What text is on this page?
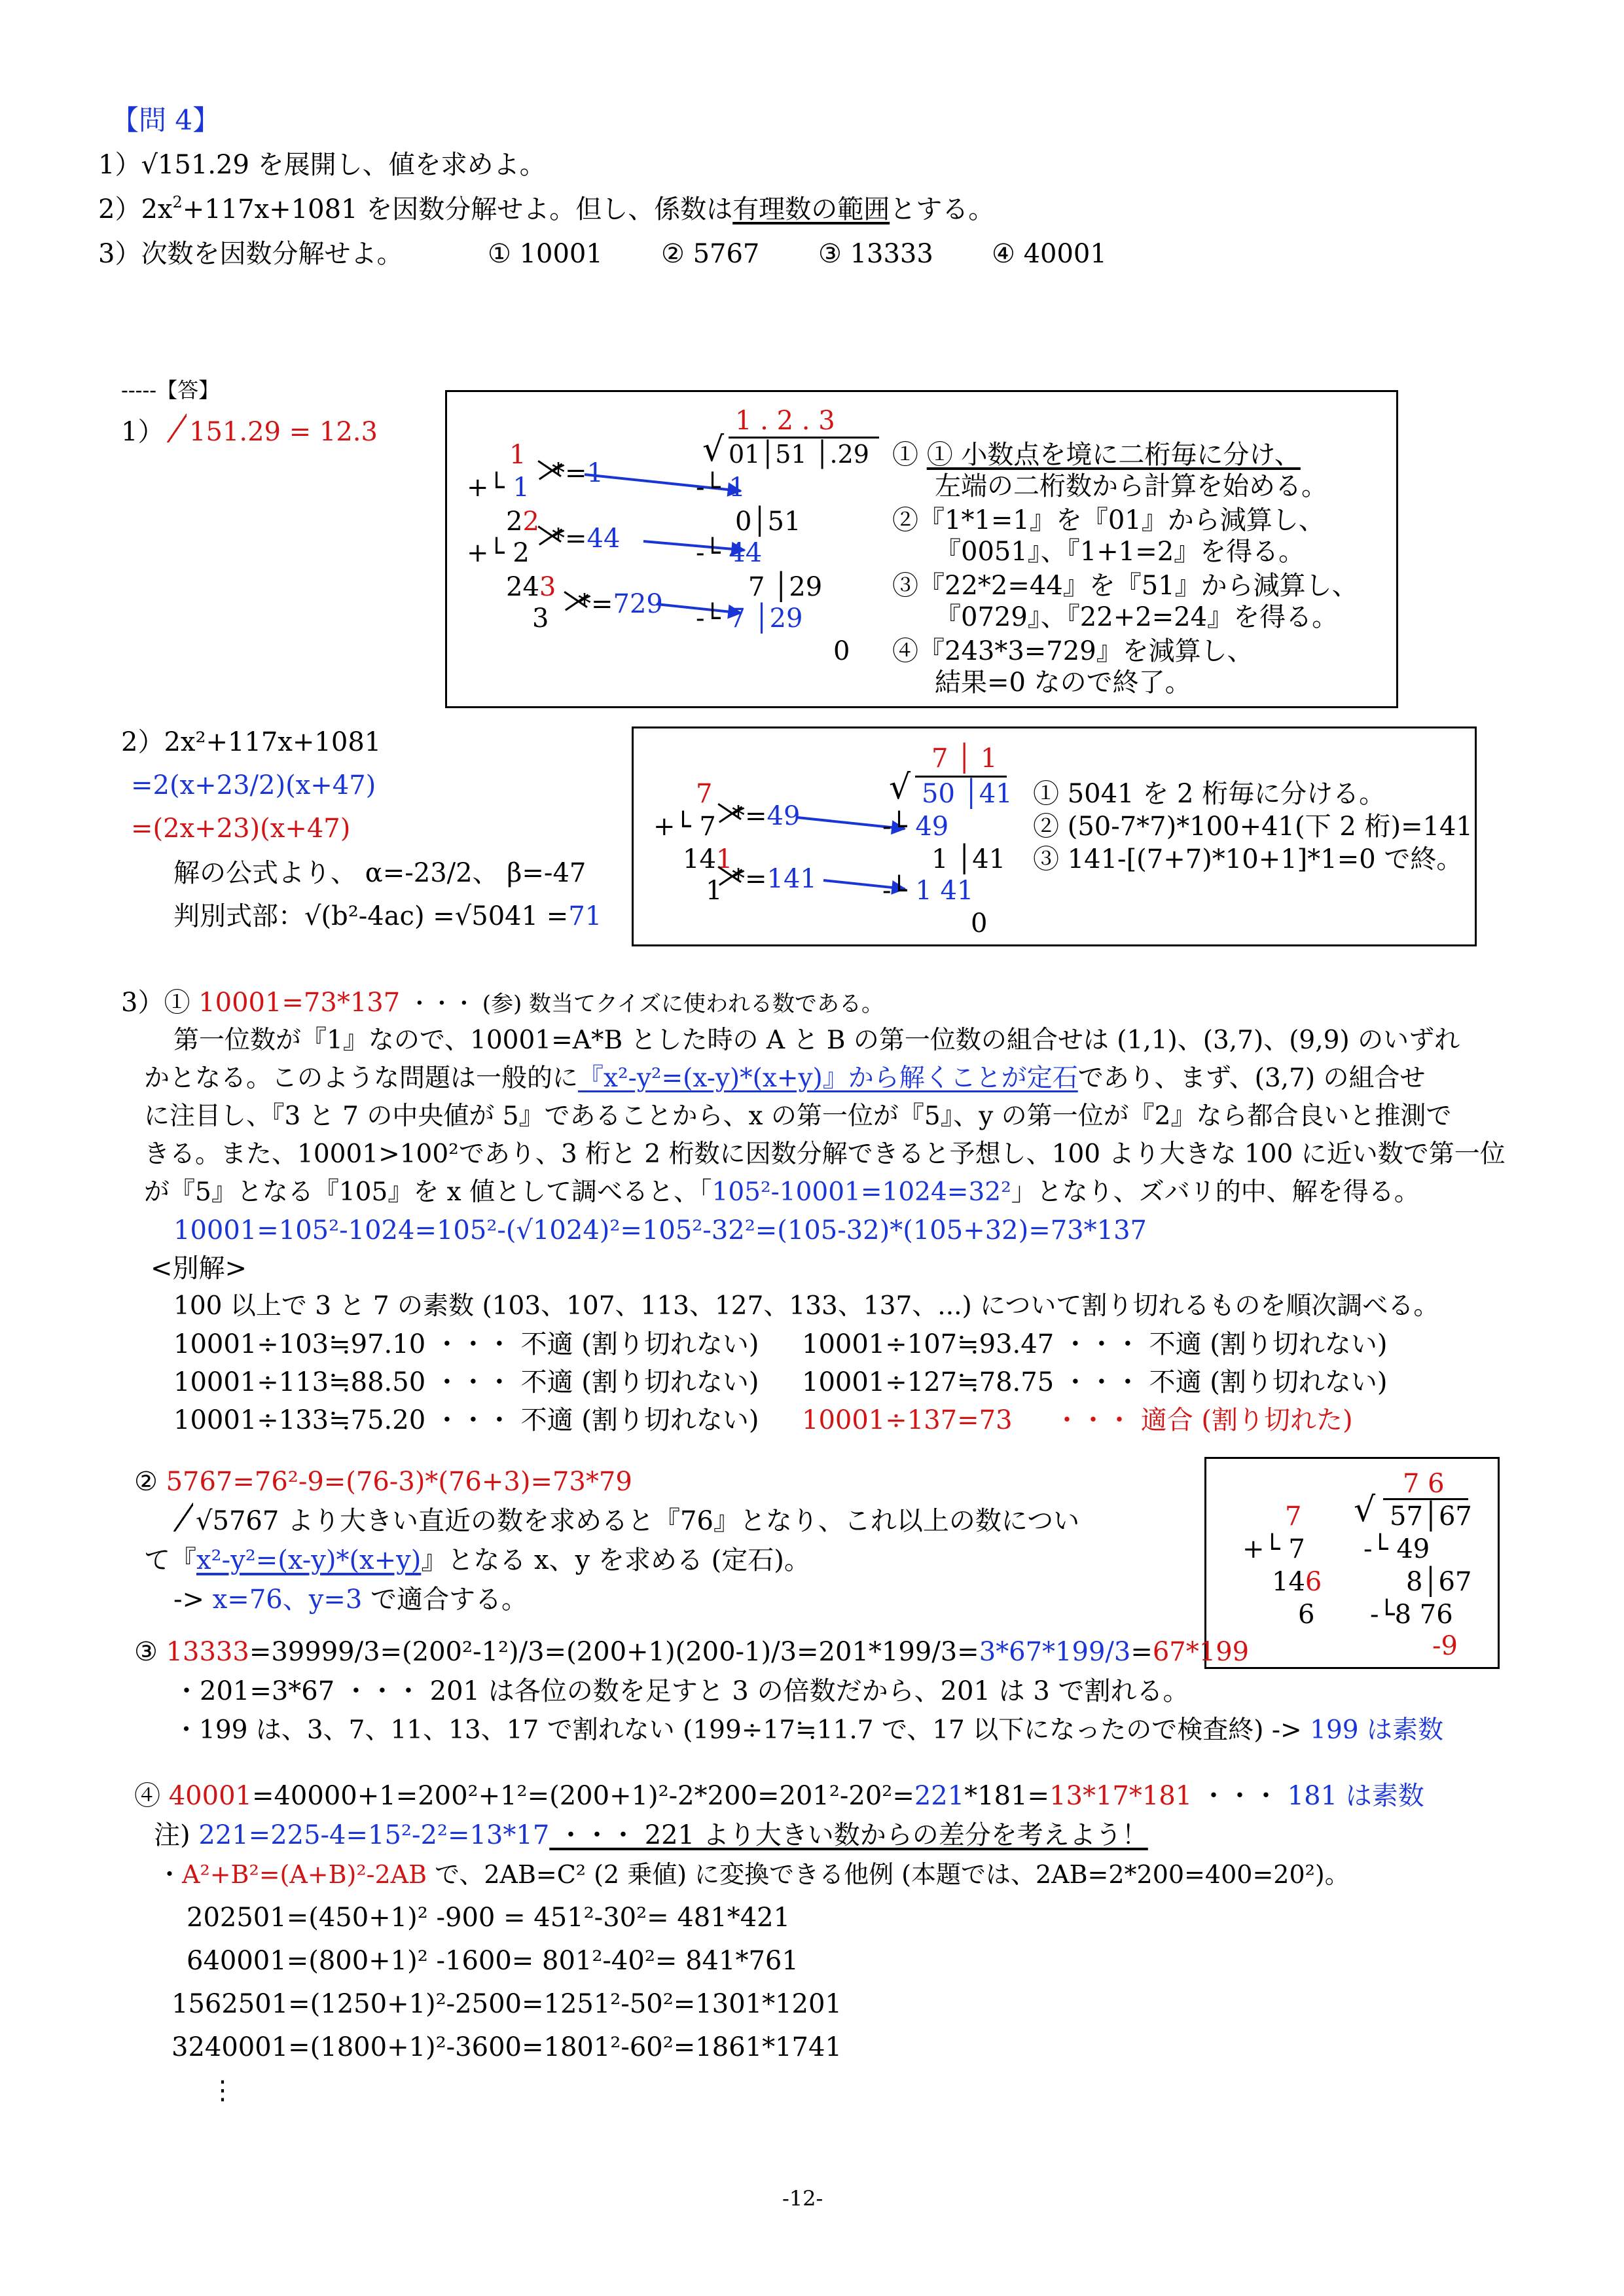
【問 4】
1）√151.29 を展開し、値を求めよ。
$2)2x^2+117x+1081$ を因数分解せよ。但し、係数は有理数の範囲とする。
3）次数を因数分解せよ。	① 10001 ② 5767 ③ 13333 ④ 40001
-----【答】
1） 151.29 = 12.3	1 . 2 . 3
√ 01│51 │.29
1
+└ 1 *=1	-└ 1
22	0│51
*=44
+└ 2	-└ 44
243	7 │29
3 *=729 -└ 7 │29
0
① ① 小数点を境に二桁毎に分け、
左端の二桁数から計算を始める。
②『1*1=1』を『01』から減算し、
『0051』、『1+1=2』を得る。
③『22*2=44』を『51』から減算し、
『0729』、『22+2=24』を得る。
④『243*3=729』を減算し、
結果=0 なので終了。
2）2x²+117x+1081
=2(x+23/2)(x+47)
=(2x+23)(x+47)
解の公式より、 α=-23/2、 β=-47
判別式部：√(b²-4ac) =√5041 =71
7 │ 1
√ 50 │41
7
+└ 7 *=49	-└ 49
141	1 │41
1 *=141	-└ 1 41
0
① 5041 を 2 桁毎に分ける。
② (50-7*7)*100+41(下 2 桁)=141
③ 141-[(7+7)*10+1]*1=0 で終。
3）① 10001=73*137 ・・・ (参) 数当てクイズに使われる数である。
第一位数が『1』なので、10001=A*B とした時の A と B の第一位数の組合せは (1,1)、(3,7)、(9,9) のいずれ
かとなる。このような問題は一般的に『x²-y²=(x-y)*(x+y)』から解くことが定石であり、まず、(3,7) の組合せ
に注目し、『3 と 7 の中央値が 5』であることから、x の第一位が『5』、y の第一位が『2』なら都合良いと推測で
きる。また、10001>100²であり、3 桁と 2 桁数に因数分解できると予想し、100 より大きな 100 に近い数で第一位
が『5』となる『105』を x 値として調べると、「105²-10001=1024=32²」となり、ズバリ的中、解を得る。
10001=105²-1024=105²-(√1024)²=105²-32²=(105-32)*(105+32)=73*137
<別解>
100 以上で 3 と 7 の素数 (103、107、113、127、133、137、...) について割り切れるものを順次調べる。
10001÷103≒97.10 ・・・ 不適 (割り切れない) 10001÷107≒93.47 ・・・ 不適 (割り切れない)
10001÷113≒88.50 ・・・ 不適 (割り切れない) 10001÷127≒78.75 ・・・ 不適 (割り切れない)
10001÷133≒75.20 ・・・ 不適 (割り切れない) 10001÷137=73 ・・・ 適合 (割り切れた)
② 5767=76²-9=(76-3)*(76+3)=73*79
√5767 より大きい直近の数を求めると『76』となり、これ以上の数につい
て『x²-y²=(x-y)*(x+y)』となる x、y を求める (定石)。
-> x=76、y=3 で適合する。
7 6
√ 57│67
7
+└ 7 -└ 49
146	8│67
6 -└8 76
-9
③ 13333=39999/3=(200²-1²)/3=(200+1)(200-1)/3=201*199/3=3*67*199/3=67*199
・201=3*67 ・・・ 201 は各位の数を足すと 3 の倍数だから、201 は 3 で割れる。
・199 は、3、7、11、13、17 で割れない (199÷17≒11.7 で、17 以下になったので検査終) -> 199 は素数
④ 40001=40000+1=200²+1²=(200+1)²-2*200=201²-20²=221*181=13*17*181 ・・・ 181 は素数
注) 221=225-4=15²-2²=13*17 ・・・ 221 より大きい数からの差分を考えよう！
・A²+B²=(A+B)²-2AB で、2AB=C² (2 乗値) に変換できる他例 (本題では、2AB=2*200=400=20²)。
202501=(450+1)² -900 = 451²-30²= 481*421
640001=(800+1)² -1600= 801²-40²= 841*761
1562501=(1250+1)²-2500=1251²-50²=1301*1201
3240001=(1800+1)²-3600=1801²-60²=1861*1741
⋮
-12-
